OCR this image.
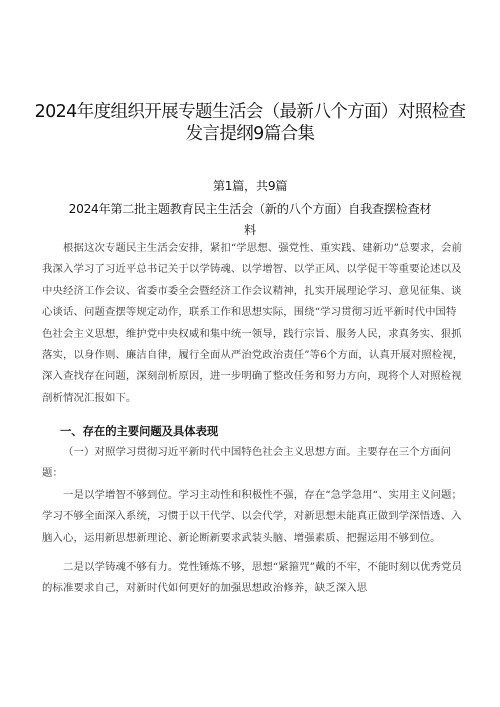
2024年度组织开展专题生活会（最新八个方面）对照检查
发言提纲9篇合集
第1篇，共9篇
2024年第二批主题教育民主生活会（新的八个方面）自我查摆检查材
料

根据这次专题民主生活会安排，紧扣“学思想、强党性、重实践、建新功”总要求，会前我深入学习了习近平总书记关于以学铸魂、以学增智、以学正风、以学促干等重要论述以及中央经济工作会议、省委市委全会暨经济工作会议精神，扎实开展理论学习、意见征集、谈心谈话、问题查摆等规定动作，联系工作和思想实际，围绕“学习贯彻习近平新时代中国特色社会主义思想，维护党中央权威和集中统一领导，践行宗旨、服务人民，求真务实、狠抓落实，以身作则、廉洁自律，履行全面从严治党政治责任”等6个方面，认真开展对照检视，深入查找存在问题，深刻剖析原因，进一步明确了整改任务和努力方向，现将个人对照检视剖析情况汇报如下。

一、存在的主要问题及具体表现

（一）对照学习贯彻习近平新时代中国特色社会主义思想方面。主要存在三个方面问题：

一是以学增智不够到位。学习主动性和积极性不强，存在“急学急用“、实用主义问题；学习不够全面深入系统，习惯于以干代学、以会代学，对新思想未能真正做到学深悟透、入脑入心，运用新思想新理论、新论断新要求武装头脑、增强素质、把握运用不够到位。

二是以学铸魂不够有力。党性锤炼不够，思想“紧箍咒”戴的不牢，不能时刻以优秀党员的标准要求自己，对新时代如何更好的加强思想政治修养，缺乏深入思
